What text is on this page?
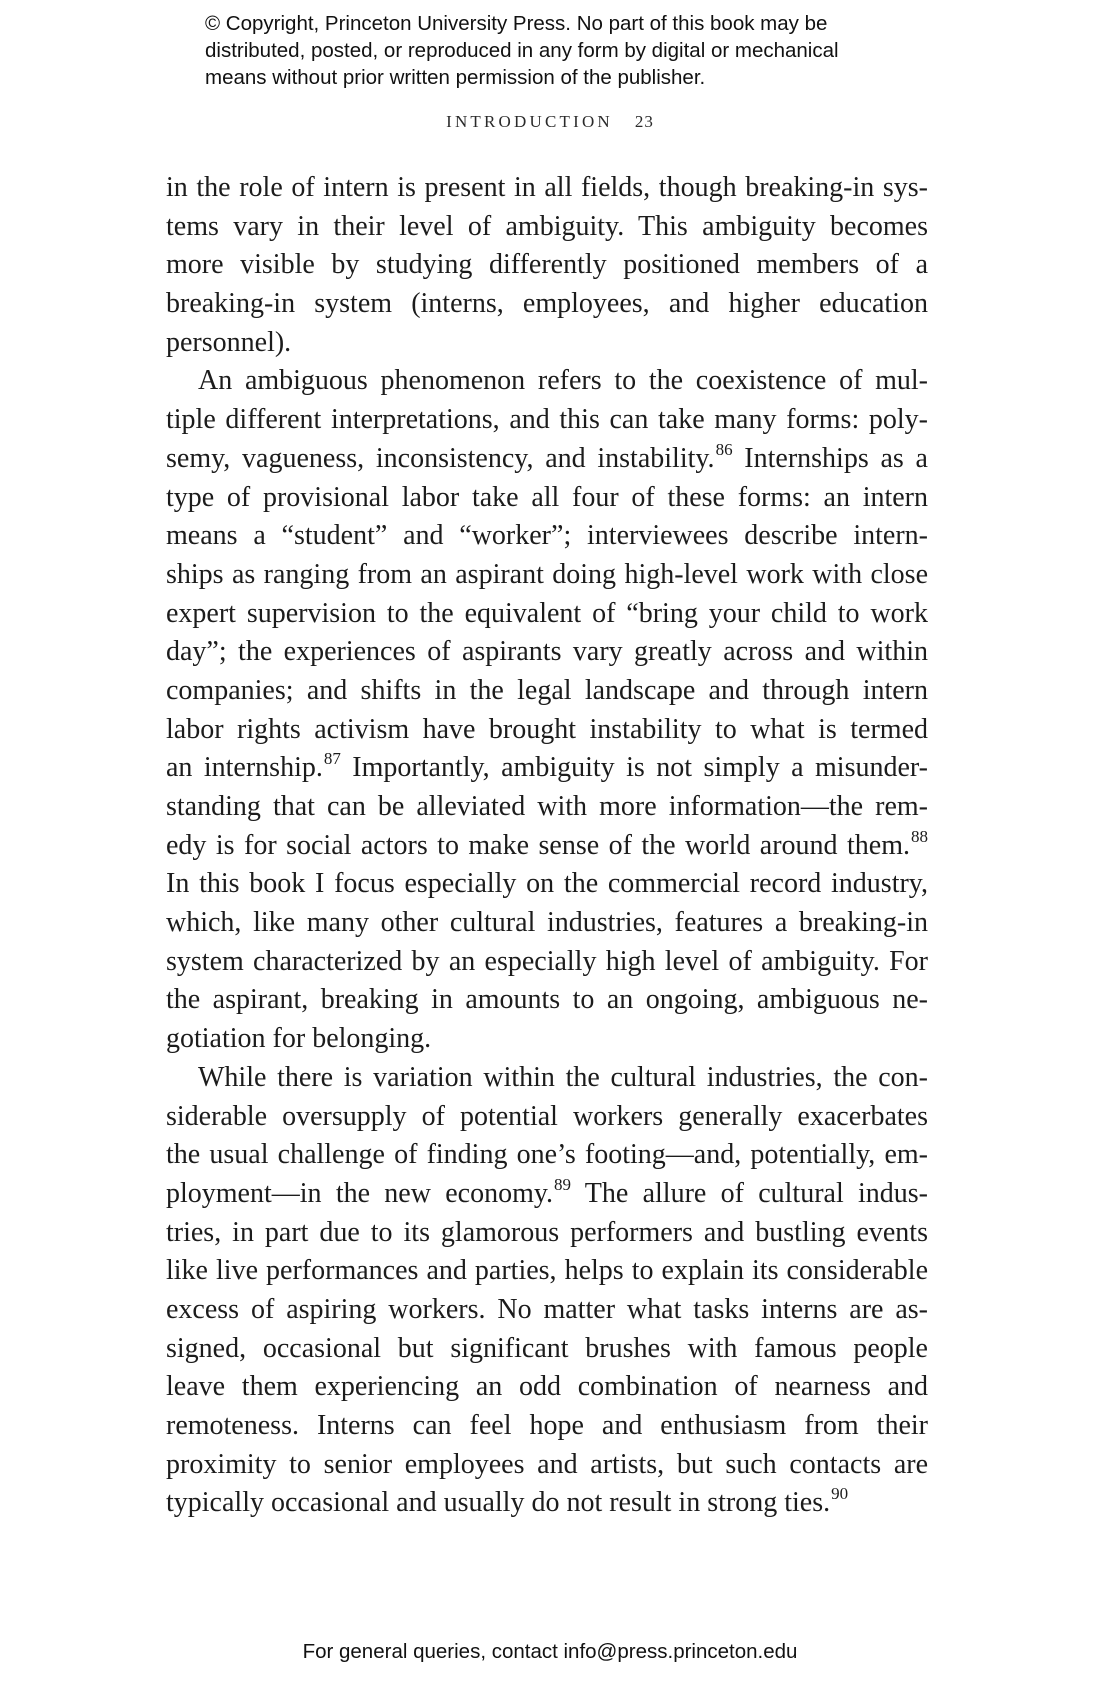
© Copyright, Princeton University Press. No part of this book may be
distributed, posted, or reproduced in any form by digital or mechanical
means without prior written permission of the publisher.
INTRODUCTION 23
in the role of intern is present in all fields, though breaking-in sys-
tems vary in their level of ambiguity. This ambiguity becomes
more visible by studying differently positioned members of a
breaking-in system (interns, employees, and higher education
personnel).
An ambiguous phenomenon refers to the coexistence of mul-
tiple different interpretations, and this can take many forms: poly-
semy, vagueness, inconsistency, and instability.$^{86}$ Internships as a
type of provisional labor take all four of these forms: an intern
means a “student” and “worker”; interviewees describe intern-
ships as ranging from an aspirant doing high-level work with close
expert supervision to the equivalent of “bring your child to work
day”; the experiences of aspirants vary greatly across and within
companies; and shifts in the legal landscape and through intern
labor rights activism have brought instability to what is termed
an internship.$^{87}$ Importantly, ambiguity is not simply a misunder-
standing that can be alleviated with more information—the rem-
edy is for social actors to make sense of the world around them.$^{88}$
In this book I focus especially on the commercial record industry,
which, like many other cultural industries, features a breaking-in
system characterized by an especially high level of ambiguity. For
the aspirant, breaking in amounts to an ongoing, ambiguous ne-
gotiation for belonging.
While there is variation within the cultural industries, the con-
siderable oversupply of potential workers generally exacerbates
the usual challenge of finding one’s footing—and, potentially, em-
ployment—in the new economy.$^{89}$ The allure of cultural indus-
tries, in part due to its glamorous performers and bustling events
like live performances and parties, helps to explain its considerable
excess of aspiring workers. No matter what tasks interns are as-
signed, occasional but significant brushes with famous people
leave them experiencing an odd combination of nearness and
remoteness. Interns can feel hope and enthusiasm from their
proximity to senior employees and artists, but such contacts are
typically occasional and usually do not result in strong ties.$^{90}$
For general queries, contact info@press.princeton.edu
